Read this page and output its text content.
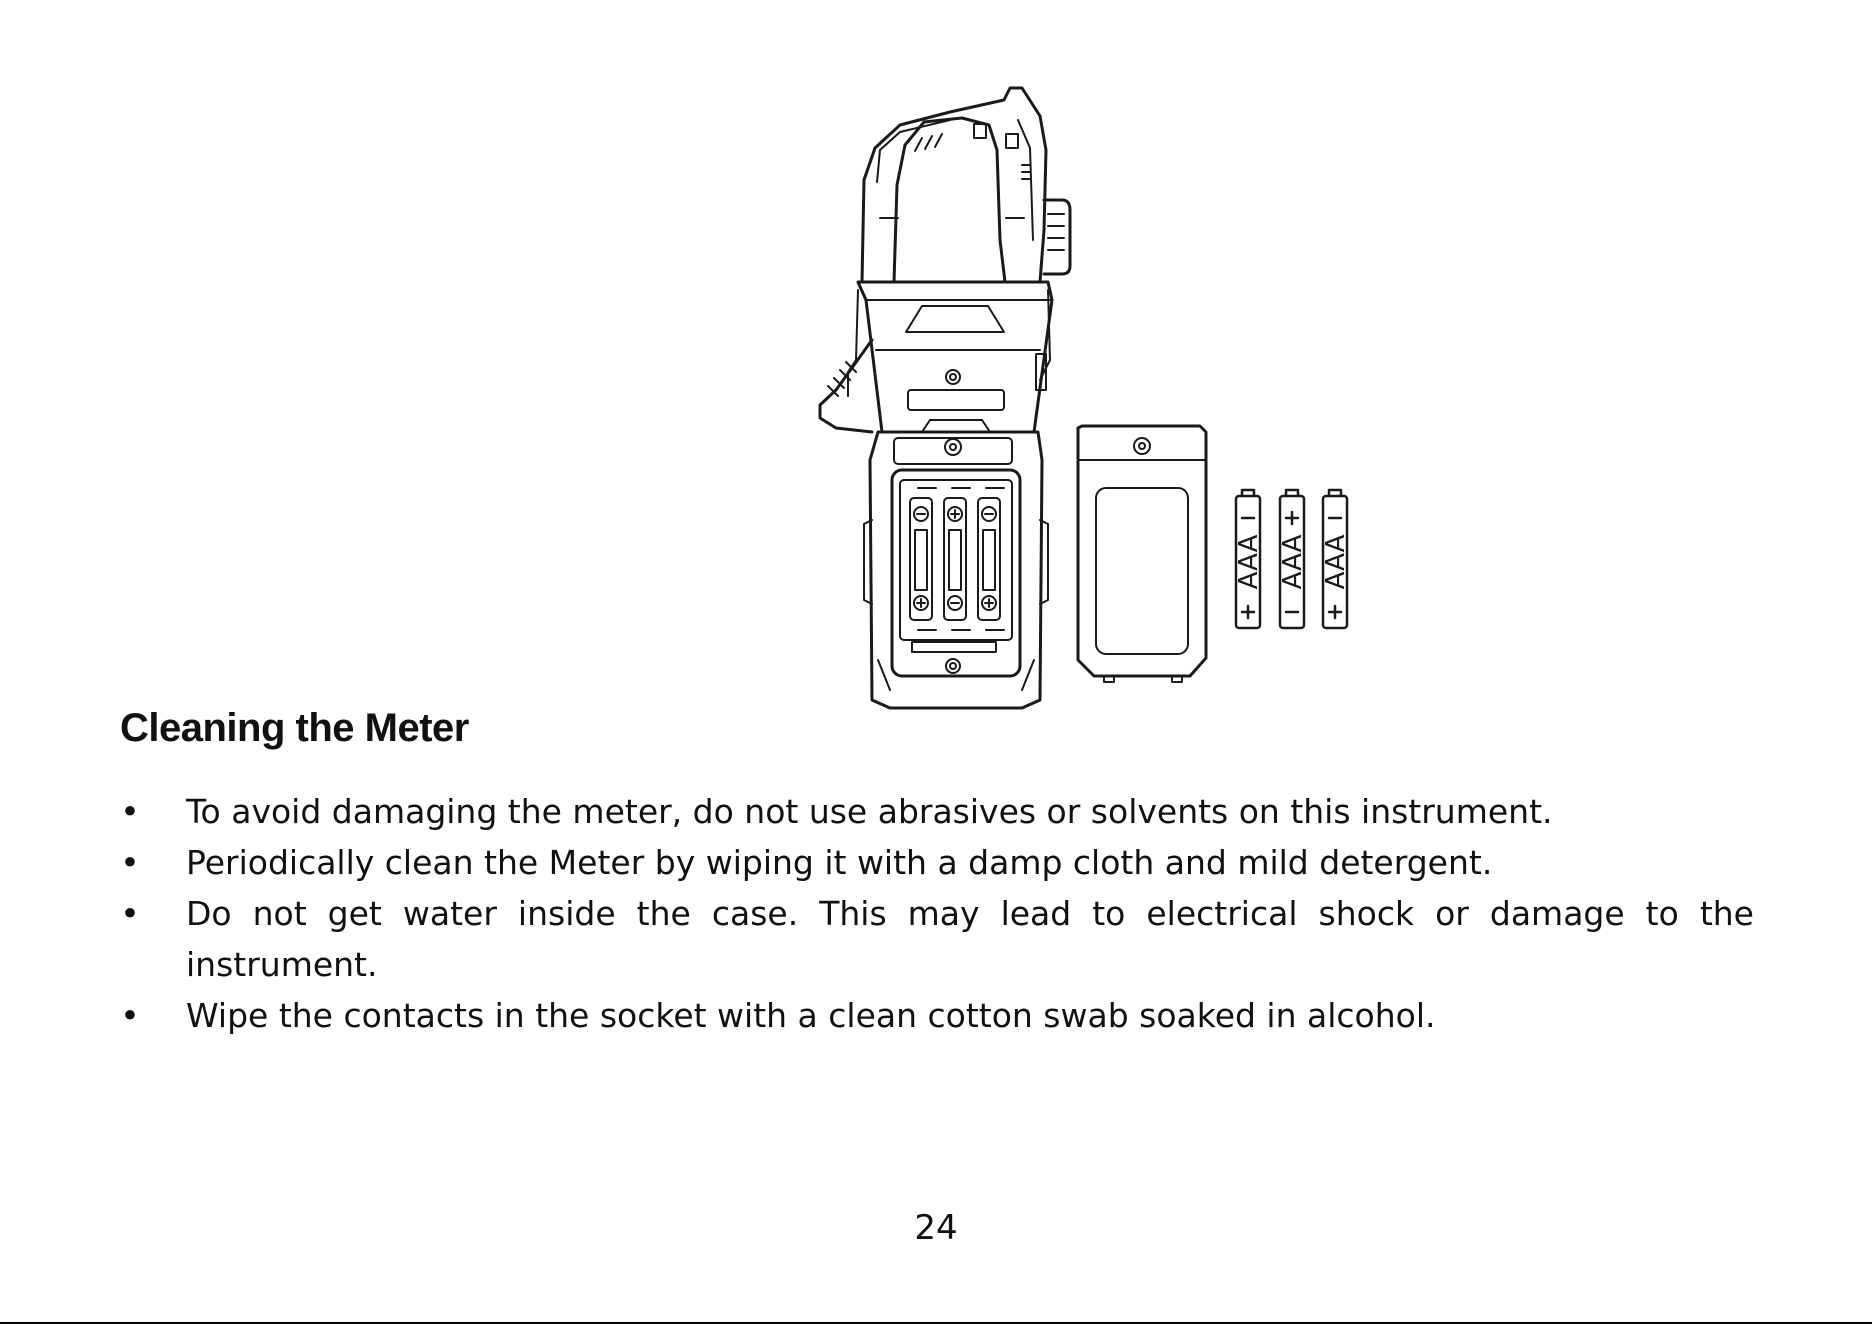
AAA AAA AAA
Cleaning the Meter
• To avoid damaging the meter, do not use abrasives or solvents on this instrument.
• Periodically clean the Meter by wiping it with a damp cloth and mild detergent.
• Do not get water inside the case. This may lead to electrical shock or damage to the instrument.
• Wipe the contacts in the socket with a clean cotton swab soaked in alcohol.
24
